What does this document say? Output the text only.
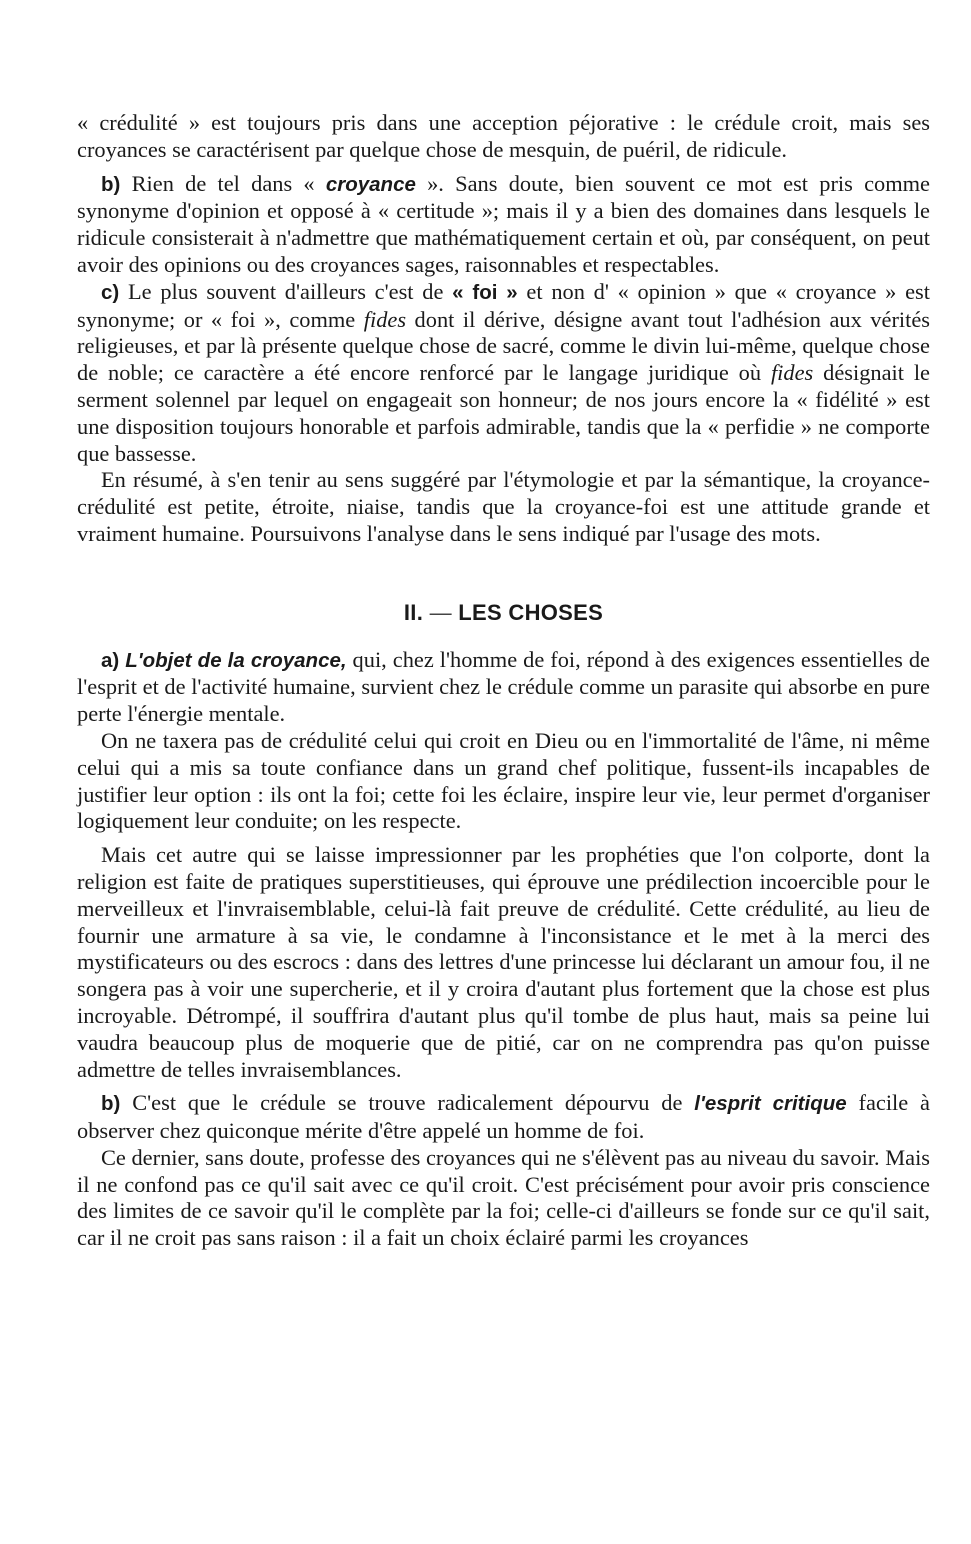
« crédulité » est toujours pris dans une acception péjorative : le crédule croit, mais ses croyances se caractérisent par quelque chose de mesquin, de puéril, de ridicule.

b) Rien de tel dans « croyance ». Sans doute, bien souvent ce mot est pris comme synonyme d'opinion et opposé à « certitude »; mais il y a bien des domaines dans lesquels le ridicule consisterait à n'admettre que mathématiquement certain et où, par conséquent, on peut avoir des opinions ou des croyances sages, raisonnables et respectables.

c) Le plus souvent d'ailleurs c'est de « foi » et non d' « opinion » que « croyance » est synonyme; or « foi », comme fides dont il dérive, désigne avant tout l'adhésion aux vérités religieuses, et par là présente quelque chose de sacré, comme le divin lui-même, quelque chose de noble; ce caractère a été encore renforcé par le langage juridique où fides désignait le serment solennel par lequel on engageait son honneur; de nos jours encore la « fidélité » est une disposition toujours honorable et parfois admirable, tandis que la « perfidie » ne comporte que bassesse.

En résumé, à s'en tenir au sens suggéré par l'étymologie et par la sémantique, la croyance-crédulité est petite, étroite, niaise, tandis que la croyance-foi est une attitude grande et vraiment humaine. Poursuivons l'analyse dans le sens indiqué par l'usage des mots.

II. — LES CHOSES

a) L'objet de la croyance, qui, chez l'homme de foi, répond à des exigences essentielles de l'esprit et de l'activité humaine, survient chez le crédule comme un parasite qui absorbe en pure perte l'énergie mentale.

On ne taxera pas de crédulité celui qui croit en Dieu ou en l'immortalité de l'âme, ni même celui qui a mis sa toute confiance dans un grand chef politique, fussent-ils incapables de justifier leur option : ils ont la foi; cette foi les éclaire, inspire leur vie, leur permet d'organiser logiquement leur conduite; on les respecte.

Mais cet autre qui se laisse impressionner par les prophéties que l'on colporte, dont la religion est faite de pratiques superstitieuses, qui éprouve une prédilection incoercible pour le merveilleux et l'invraisemblable, celui-là fait preuve de crédulité. Cette crédulité, au lieu de fournir une armature à sa vie, le condamne à l'inconsistance et le met à la merci des mystificateurs ou des escrocs : dans des lettres d'une princesse lui déclarant un amour fou, il ne songera pas à voir une supercherie, et il y croira d'autant plus fortement que la chose est plus incroyable. Détrompé, il souffrira d'autant plus qu'il tombe de plus haut, mais sa peine lui vaudra beaucoup plus de moquerie que de pitié, car on ne comprendra pas qu'on puisse admettre de telles invraisemblances.

b) C'est que le crédule se trouve radicalement dépourvu de l'esprit critique facile à observer chez quiconque mérite d'être appelé un homme de foi.

Ce dernier, sans doute, professe des croyances qui ne s'élèvent pas au niveau du savoir. Mais il ne confond pas ce qu'il sait avec ce qu'il croit. C'est précisément pour avoir pris conscience des limites de ce savoir qu'il le complète par la foi; celle-ci d'ailleurs se fonde sur ce qu'il sait, car il ne croit pas sans raison : il a fait un choix éclairé parmi les croyances
